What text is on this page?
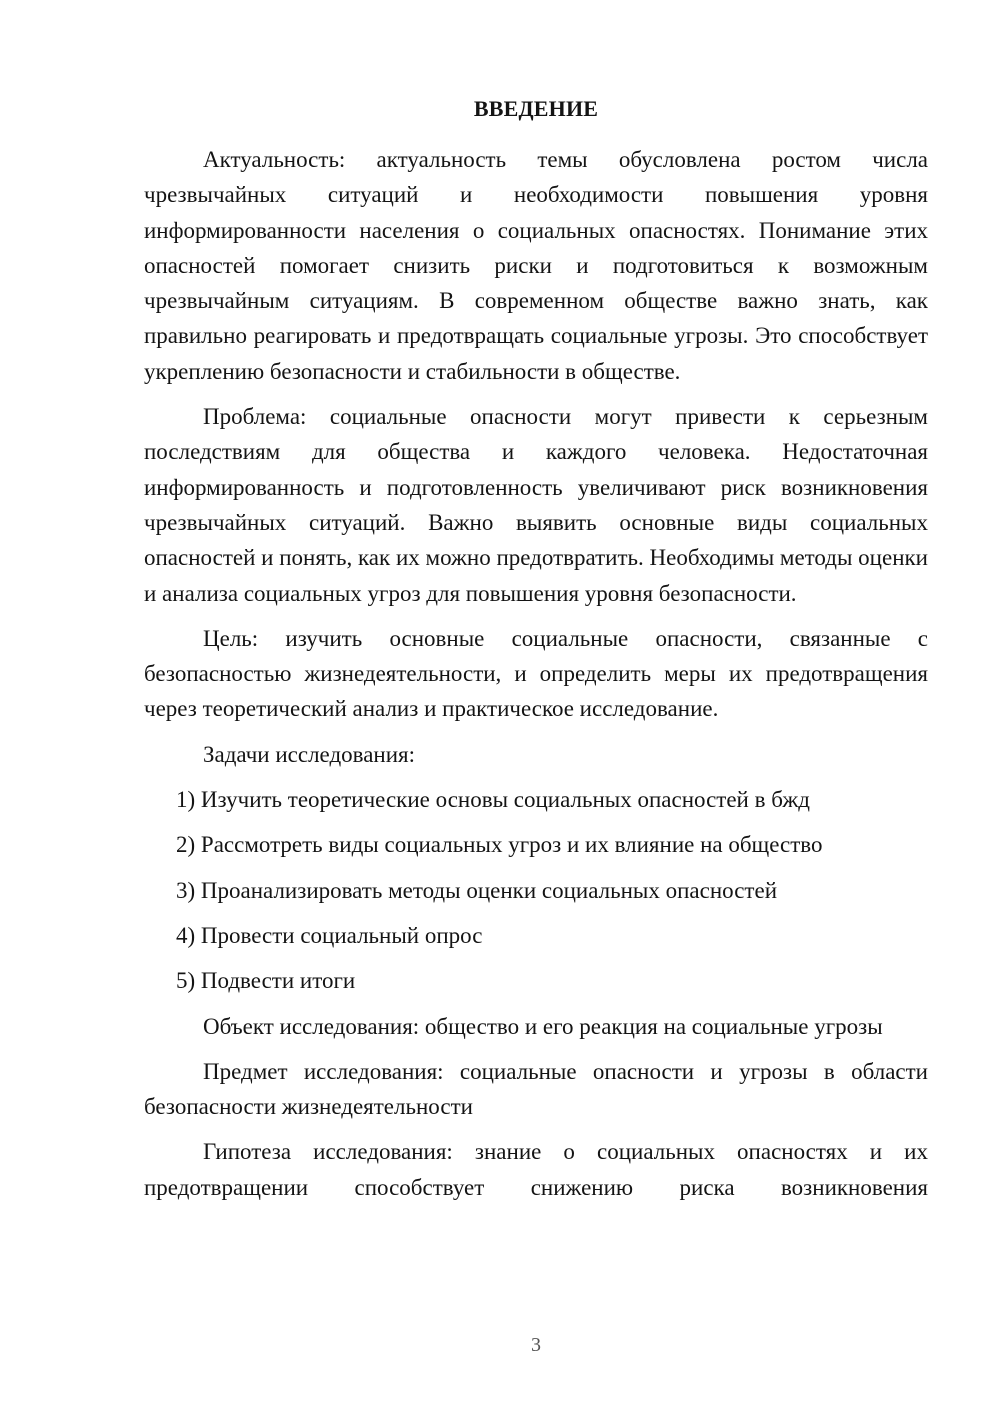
ВВЕДЕНИЕ

Актуальность: актуальность темы обусловлена ростом числа чрезвычайных ситуаций и необходимости повышения уровня информированности населения о социальных опасностях. Понимание этих опасностей помогает снизить риски и подготовиться к возможным чрезвычайным ситуациям. В современном обществе важно знать, как правильно реагировать и предотвращать социальные угрозы. Это способствует укреплению безопасности и стабильности в обществе.

Проблема: социальные опасности могут привести к серьезным последствиям для общества и каждого человека. Недостаточная информированность и подготовленность увеличивают риск возникновения чрезвычайных ситуаций. Важно выявить основные виды социальных опасностей и понять, как их можно предотвратить. Необходимы методы оценки и анализа социальных угроз для повышения уровня безопасности.

Цель: изучить основные социальные опасности, связанные с безопасностью жизнедеятельности, и определить меры их предотвращения через теоретический анализ и практическое исследование.

Задачи исследования:

1) Изучить теоретические основы социальных опасностей в бжд
2) Рассмотреть виды социальных угроз и их влияние на общество
3) Проанализировать методы оценки социальных опасностей
4) Провести социальный опрос
5) Подвести итоги

Объект исследования: общество и его реакция на социальные угрозы

Предмет исследования: социальные опасности и угрозы в области безопасности жизнедеятельности

Гипотеза исследования: знание о социальных опасностях и их предотвращении способствует снижению риска возникновения

3
